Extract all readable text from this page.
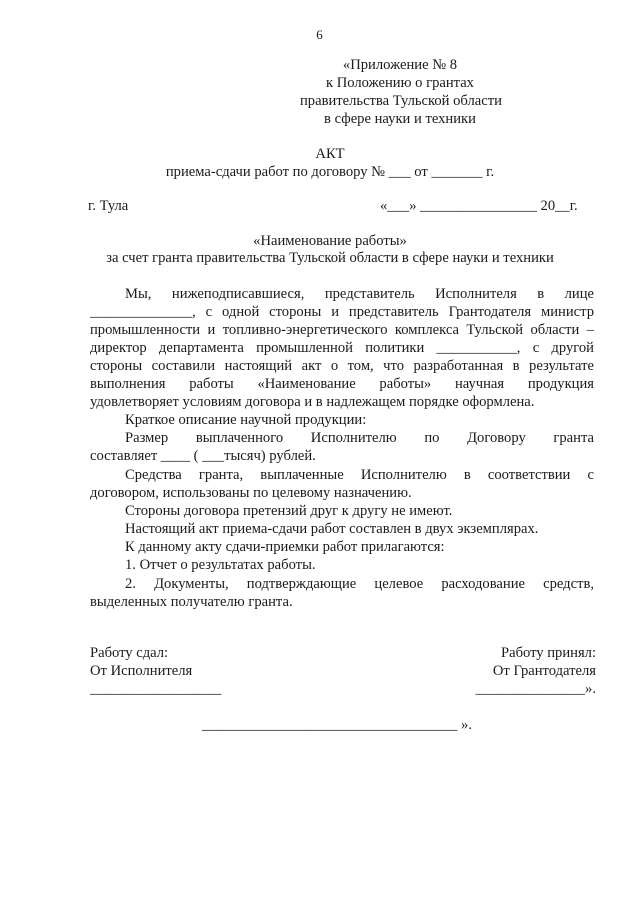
6
«Приложение № 8
к Положению о грантах
правительства Тульской области
в сфере науки и техники
АКТ
приема-сдачи работ по договору № ___ от _______ г.
г. Тула	«___» ________________ 20__г.
«Наименование работы»
за счет гранта правительства Тульской области в сфере науки и техники
Мы, нижеподписавшиеся, представитель Исполнителя в лице
______________, с одной стороны и представитель Грантодателя министр
промышленности и топливно-энергетического комплекса Тульской области –
директор департамента промышленной политики ___________, с другой
стороны составили настоящий акт о том, что разработанная в результате
выполнения работы «Наименование работы» научная продукция
удовлетворяет условиям договора и в надлежащем порядке оформлена.
Краткое описание научной продукции:
Размер выплаченного Исполнителю по Договору гранта
составляет ____ ( ___тысяч) рублей.
Средства гранта, выплаченные Исполнителю в соответствии с
договором, использованы по целевому назначению.
Стороны договора претензий друг к другу не имеют.
Настоящий акт приема-сдачи работ составлен в двух экземплярах.
К данному акту сдачи-приемки работ прилагаются:
1. Отчет о результатах работы.
2. Документы, подтверждающие целевое расходование средств,
выделенных получателю гранта.
Работу сдал:
От Исполнителя
__________________
Работу принял:
От Грантодателя
_______________».
___________________________________ ».
